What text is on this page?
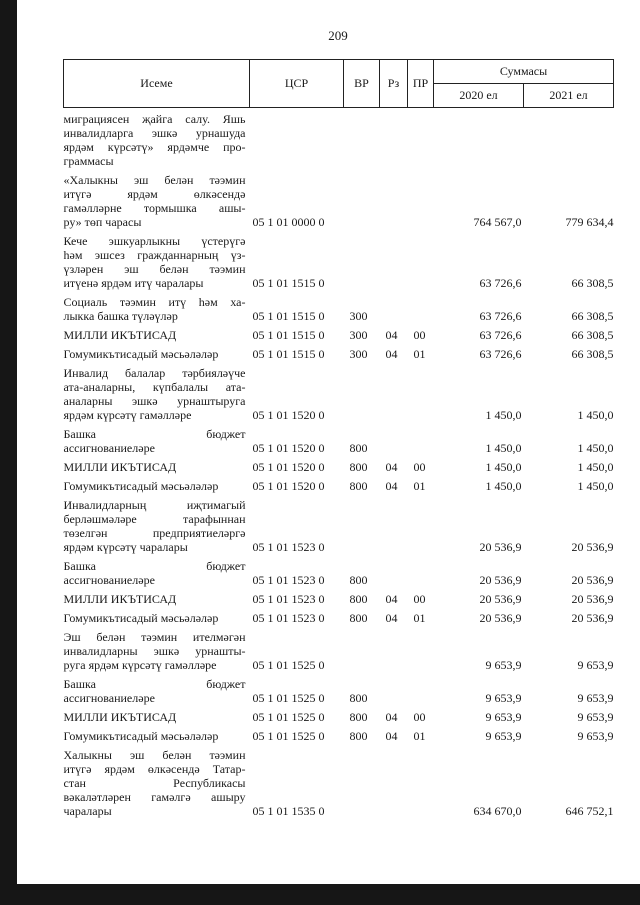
209
Исеме	ЦСР	ВР	Рз	ПР	Суммасы	
					2020 ел	2021 ел

миграциясен җайга салу. Яшь
инвалидларга эшкә урнашуда
ярдәм күрсәтү» ярдәмче про-
граммасы						

«Халыкны эш белән тәэмин
итүгә ярдәм өлкәсендә
гамәлләрне тормышка ашы-
ру» төп чарасы	05 1 01 0000 0				764 567,0	779 634,4

Кече эшкуарлыкны үстерүгә
һәм эшсез гражданнарның үз-
үзләрен эш белән тәэмин
итүенә ярдәм итү чаралары	05 1 01 1515 0				63 726,6	66 308,5

Социаль тәэмин итү һәм ха-
лыкка башка түләүләр	05 1 01 1515 0	300			63 726,6	66 308,5

МИЛЛИ ИКЪТИСАД	05 1 01 1515 0	300	04	00	63 726,6	66 308,5

Гомумикътисадый мәсьәләләр	05 1 01 1515 0	300	04	01	63 726,6	66 308,5

Инвалид балалар тәрбияләүче
ата-аналарны, күпбалалы ата-
аналарны эшкә урнаштыруга
ярдәм күрсәтү гамәлләре	05 1 01 1520 0				1 450,0	1 450,0

Башка бюджет
ассигнованиеләре	05 1 01 1520 0	800			1 450,0	1 450,0

МИЛЛИ ИКЪТИСАД	05 1 01 1520 0	800	04	00	1 450,0	1 450,0

Гомумикътисадый мәсьәләләр	05 1 01 1520 0	800	04	01	1 450,0	1 450,0

Инвалидларның иҗтимагый
берләшмәләре тарафыннан
төзелгән предприятиеләргә
ярдәм күрсәтү чаралары	05 1 01 1523 0				20 536,9	20 536,9

Башка бюджет
ассигнованиеләре	05 1 01 1523 0	800			20 536,9	20 536,9

МИЛЛИ ИКЪТИСАД	05 1 01 1523 0	800	04	00	20 536,9	20 536,9

Гомумикътисадый мәсьәләләр	05 1 01 1523 0	800	04	01	20 536,9	20 536,9

Эш белән тәэмин ителмәгән
инвалидларны эшкә урнашты-
руга ярдәм күрсәтү гамәлләре	05 1 01 1525 0				9 653,9	9 653,9

Башка бюджет
ассигнованиеләре	05 1 01 1525 0	800			9 653,9	9 653,9

МИЛЛИ ИКЪТИСАД	05 1 01 1525 0	800	04	00	9 653,9	9 653,9

Гомумикътисадый мәсьәләләр	05 1 01 1525 0	800	04	01	9 653,9	9 653,9

Халыкны эш белән тәэмин
итүгә ярдәм өлкәсендә Татар-
стан Республикасы
вәкаләтләрен гамәлгә ашыру
чаралары	05 1 01 1535 0				634 670,0	646 752,1
